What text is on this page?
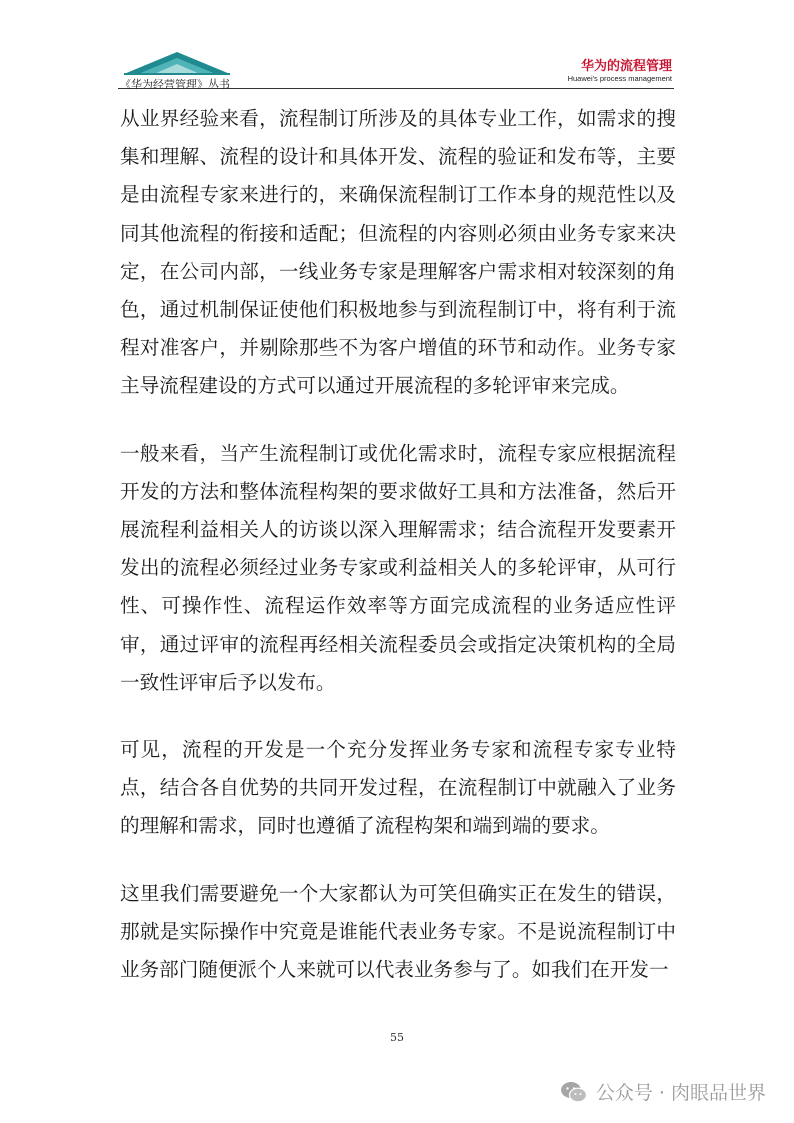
《华为经营管理》丛书
华为的流程管理
Huawei's process management

从业界经验来看，流程制订所涉及的具体专业工作，如需求的搜集和理解、流程的设计和具体开发、流程的验证和发布等，主要是由流程专家来进行的，来确保流程制订工作本身的规范性以及同其他流程的衔接和适配；但流程的内容则必须由业务专家来决定，在公司内部，一线业务专家是理解客户需求相对较深刻的角色，通过机制保证使他们积极地参与到流程制订中，将有利于流程对准客户，并剔除那些不为客户增值的环节和动作。业务专家主导流程建设的方式可以通过开展流程的多轮评审来完成。

一般来看，当产生流程制订或优化需求时，流程专家应根据流程开发的方法和整体流程构架的要求做好工具和方法准备，然后开展流程利益相关人的访谈以深入理解需求；结合流程开发要素开发出的流程必须经过业务专家或利益相关人的多轮评审，从可行性、可操作性、流程运作效率等方面完成流程的业务适应性评审，通过评审的流程再经相关流程委员会或指定决策机构的全局一致性评审后予以发布。

可见，流程的开发是一个充分发挥业务专家和流程专家专业特点，结合各自优势的共同开发过程，在流程制订中就融入了业务的理解和需求，同时也遵循了流程构架和端到端的要求。

这里我们需要避免一个大家都认为可笑但确实正在发生的错误，那就是实际操作中究竟是谁能代表业务专家。不是说流程制订中业务部门随便派个人来就可以代表业务参与了。如我们在开发一

55
公众号 · 肉眼品世界
